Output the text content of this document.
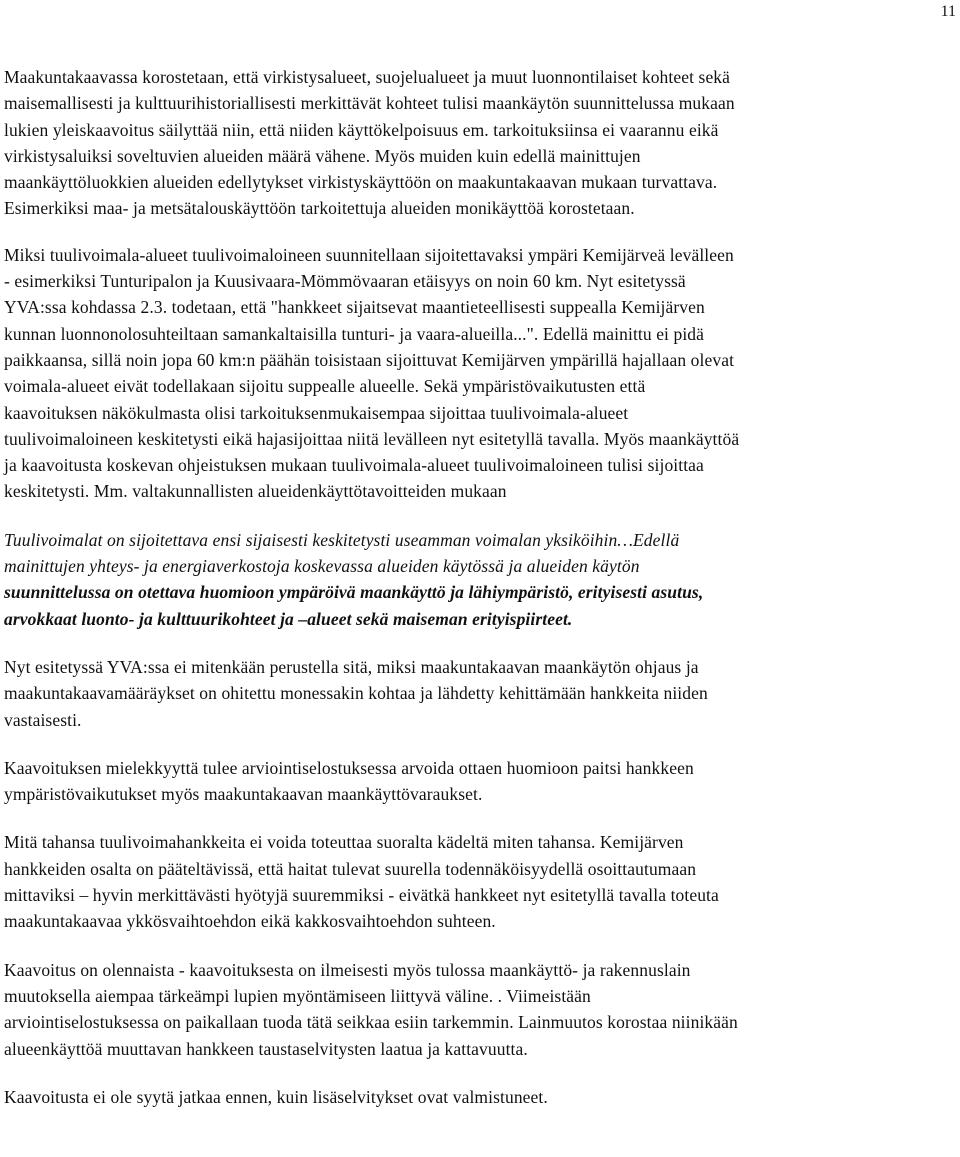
11

Maakuntakaavassa korostetaan, että virkistysalueet, suojelualueet ja muut luonnontilaiset kohteet sekä
maisemallisesti ja kulttuurihistoriallisesti merkittävät kohteet tulisi maankäytön suunnittelussa mukaan
lukien yleiskaavoitus säilyttää niin, että niiden käyttökelpoisuus em. tarkoituksiinsa ei vaarannu eikä
virkistysaluiksi soveltuvien alueiden määrä vähene. Myös muiden kuin edellä mainittujen
maankäyttöluokkien alueiden edellytykset virkistyskäyttöön on maakuntakaavan mukaan turvattava.
Esimerkiksi maa- ja metsätalouskäyttöön tarkoitettuja alueiden monikäyttöä korostetaan.

Miksi tuulivoimala-alueet tuulivoimaloineen suunnitellaan sijoitettavaksi ympäri Kemijärveä levälleen
- esimerkiksi Tunturipalon ja Kuusivaara-Mömmövaaran etäisyys on noin 60 km. Nyt esitetyssä
YVA:ssa kohdassa 2.3. todetaan, että "hankkeet sijaitsevat maantieteellisesti suppealla Kemijärven
kunnan luonnonolosuhteiltaan samankaltaisilla tunturi- ja vaara-alueilla...". Edellä mainittu ei pidä
paikkaansa, sillä noin jopa 60 km:n päähän toisistaan sijoittuvat Kemijärven ympärillä hajallaan olevat
voimala-alueet eivät todellakaan sijoitu suppealle alueelle. Sekä ympäristövaikutusten että
kaavoituksen näkökulmasta olisi tarkoituksenmukaisempaa sijoittaa tuulivoimala-alueet
tuulivoimaloineen keskitetysti eikä hajasijoittaa niitä levälleen nyt esitetyllä tavalla. Myös maankäyttöä
ja kaavoitusta koskevan ohjeistuksen mukaan tuulivoimala-alueet tuulivoimaloineen tulisi sijoittaa
keskitetysti. Mm. valtakunnallisten alueidenkäyttötavoitteiden mukaan

Tuulivoimalat on sijoitettava ensi sijaisesti keskitetysti useamman voimalan yksiköihin…Edellä
mainittujen yhteys- ja energiaverkostoja koskevassa alueiden käytössä ja alueiden käytön
suunnittelussa on otettava huomioon ympäröivä maankäyttö ja lähiympäristö, erityisesti asutus,
arvokkaat luonto- ja kulttuurikohteet ja –alueet sekä maiseman erityispiirteet.

Nyt esitetyssä YVA:ssa ei mitenkään perustella sitä, miksi maakuntakaavan maankäytön ohjaus ja
maakuntakaavamääräykset on ohitettu monessakin kohtaa ja lähdetty kehittämään hankkeita niiden
vastaisesti.

Kaavoituksen mielekkyyttä tulee arviointiselostuksessa arvoida ottaen huomioon paitsi hankkeen
ympäristövaikutukset myös maakuntakaavan maankäyttövaraukset.

Mitä tahansa tuulivoimahankkeita ei voida toteuttaa suoralta kädeltä miten tahansa. Kemijärven
hankkeiden osalta on pääteltävissä, että haitat tulevat suurella todennäköisyydellä osoittautumaan
mittaviksi – hyvin merkittävästi hyötyjä suuremmiksi - eivätkä hankkeet nyt esitetyllä tavalla toteuta
maakuntakaavaa ykkösvaihtoehdon eikä kakkosvaihtoehdon suhteen.

Kaavoitus on olennaista - kaavoituksesta on ilmeisesti myös tulossa maankäyttö- ja rakennuslain
muutoksella aiempaa tärkeämpi lupien myöntämiseen liittyvä väline. . Viimeistään
arviointiselostuksessa on paikallaan tuoda tätä seikkaa esiin tarkemmin. Lainmuutos korostaa niinikään
alueenkäyttöä muuttavan hankkeen taustaselvitysten laatua ja kattavuutta.

Kaavoitusta ei ole syytä jatkaa ennen, kuin lisäselvitykset ovat valmistuneet.
